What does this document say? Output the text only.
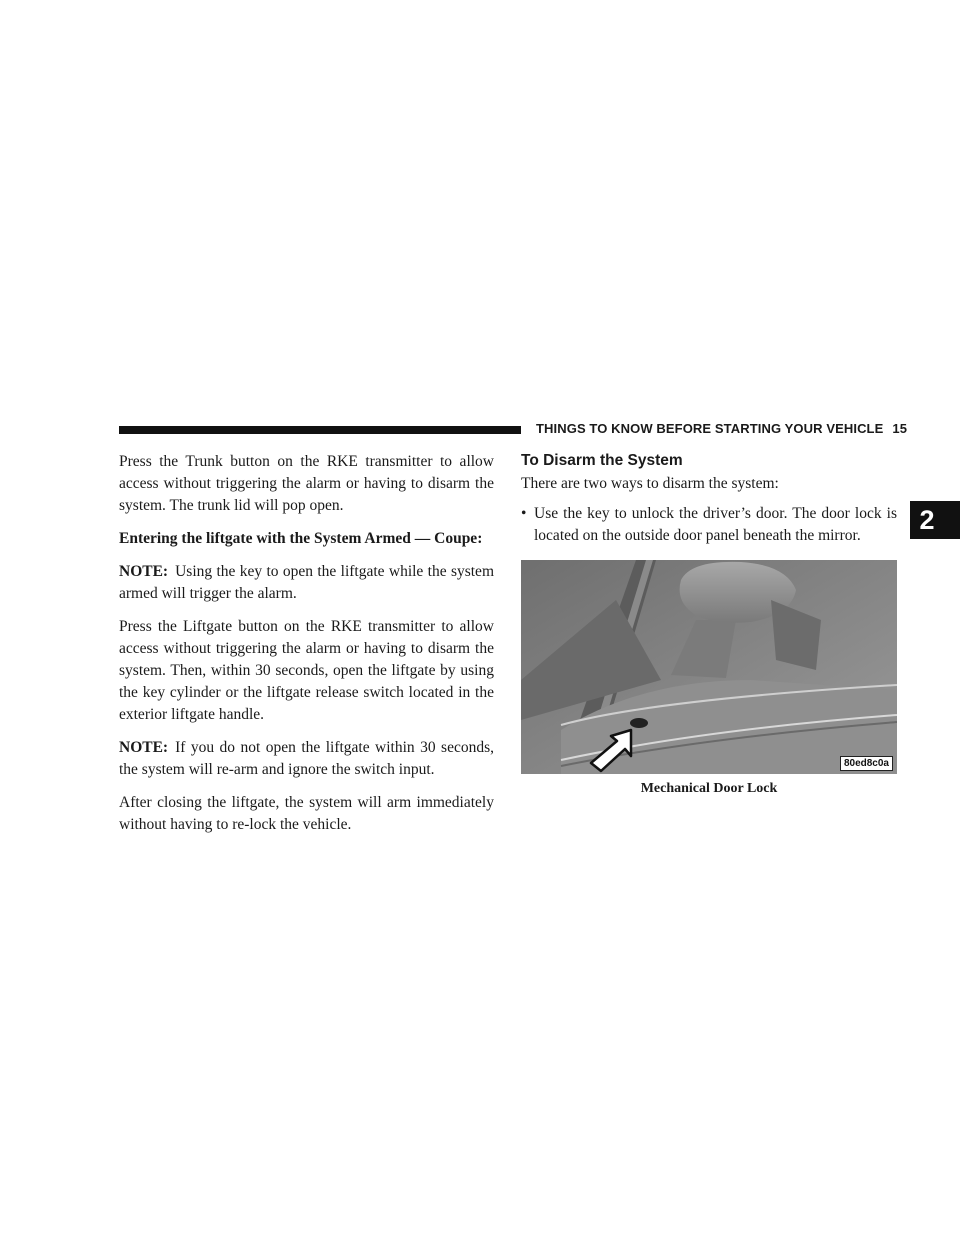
THINGS TO KNOW BEFORE STARTING YOUR VEHICLE 15
2

Press the Trunk button on the RKE transmitter to allow access without triggering the alarm or having to disarm the system. The trunk lid will pop open.

Entering the liftgate with the System Armed — Coupe:

NOTE: Using the key to open the liftgate while the system armed will trigger the alarm.

Press the Liftgate button on the RKE transmitter to allow access without triggering the alarm or having to disarm the system. Then, within 30 seconds, open the liftgate by using the key cylinder or the liftgate release switch located in the exterior liftgate handle.

NOTE: If you do not open the liftgate within 30 seconds, the system will re-arm and ignore the switch input.

After closing the liftgate, the system will arm immediately without having to re-lock the vehicle.

To Disarm the System

There are two ways to disarm the system:

• Use the key to unlock the driver’s door. The door lock is located on the outside door panel beneath the mirror.
80ed8c0a
Mechanical Door Lock
